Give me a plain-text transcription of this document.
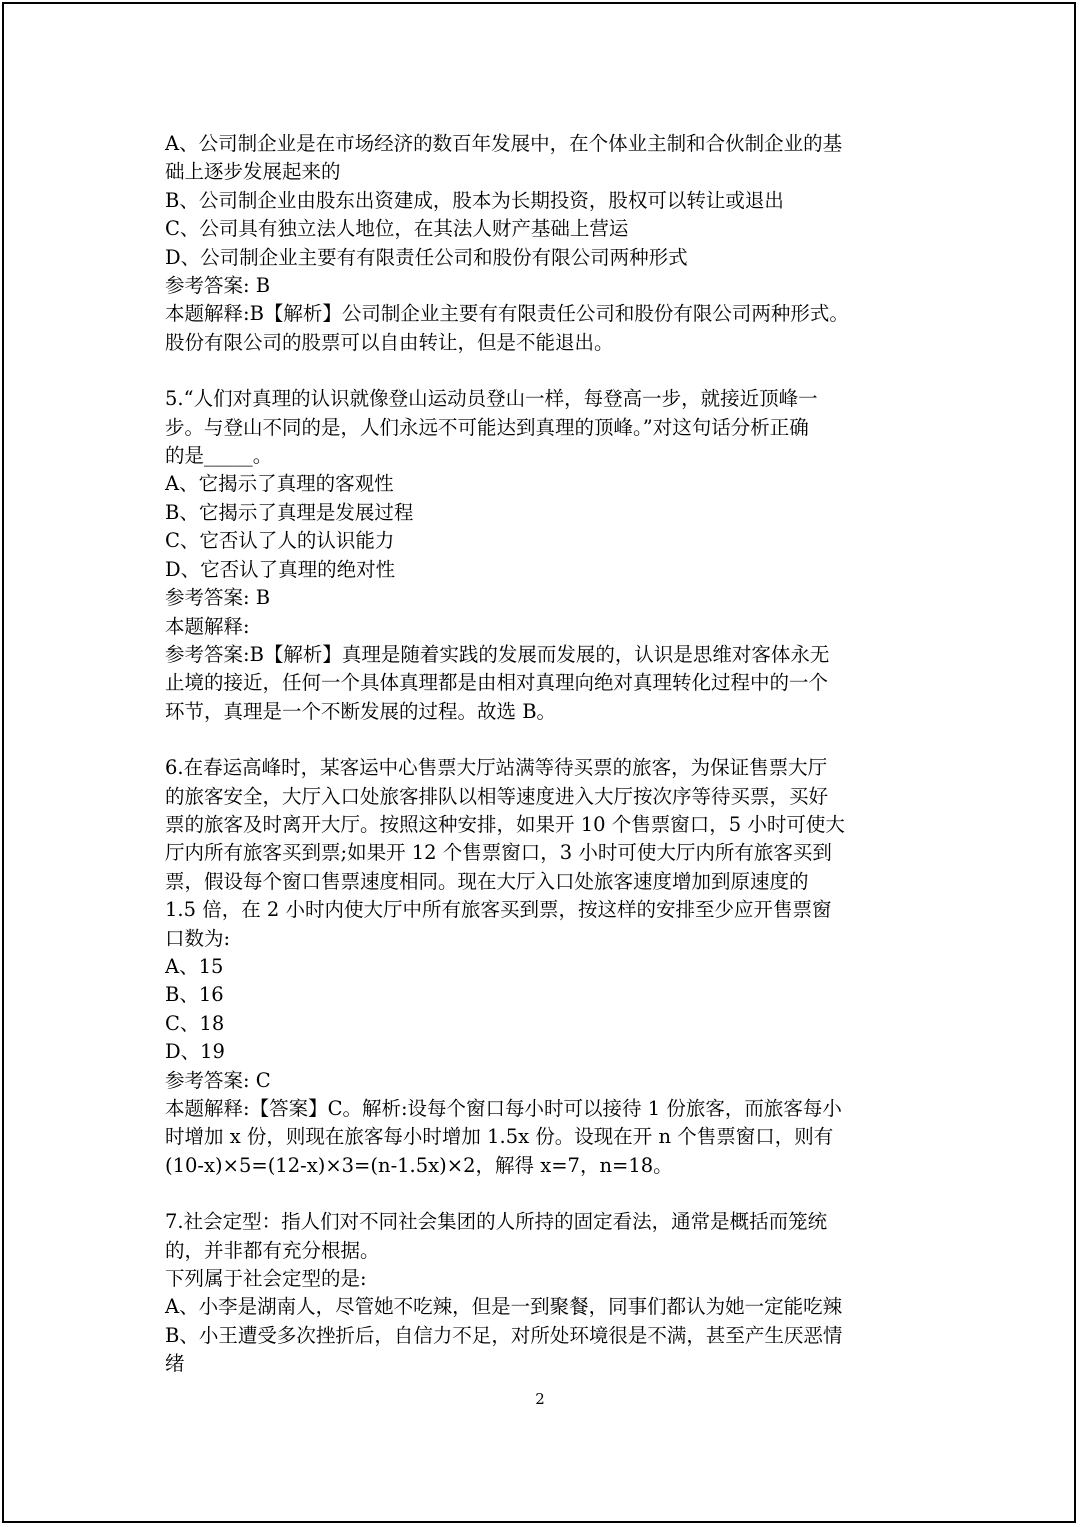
A、公司制企业是在市场经济的数百年发展中，在个体业主制和合伙制企业的基
础上逐步发展起来的
B、公司制企业由股东出资建成，股本为长期投资，股权可以转让或退出
C、公司具有独立法人地位，在其法人财产基础上营运
D、公司制企业主要有有限责任公司和股份有限公司两种形式
参考答案: B
本题解释:B【解析】公司制企业主要有有限责任公司和股份有限公司两种形式。
股份有限公司的股票可以自由转让，但是不能退出。
5.“人们对真理的认识就像登山运动员登山一样，每登高一步，就接近顶峰一
步。与登山不同的是，人们永远不可能达到真理的顶峰。”对这句话分析正确
的是_____。
A、它揭示了真理的客观性
B、它揭示了真理是发展过程
C、它否认了人的认识能力
D、它否认了真理的绝对性
参考答案: B
本题解释:
参考答案:B【解析】真理是随着实践的发展而发展的，认识是思维对客体永无
止境的接近，任何一个具体真理都是由相对真理向绝对真理转化过程中的一个
环节，真理是一个不断发展的过程。故选 B。
6.在春运高峰时，某客运中心售票大厅站满等待买票的旅客，为保证售票大厅
的旅客安全，大厅入口处旅客排队以相等速度进入大厅按次序等待买票，买好
票的旅客及时离开大厅。按照这种安排，如果开 10 个售票窗口，5 小时可使大
厅内所有旅客买到票;如果开 12 个售票窗口，3 小时可使大厅内所有旅客买到
票，假设每个窗口售票速度相同。现在大厅入口处旅客速度增加到原速度的
1.5 倍，在 2 小时内使大厅中所有旅客买到票，按这样的安排至少应开售票窗
口数为:
A、15
B、16
C、18
D、19
参考答案: C
本题解释:【答案】C。解析:设每个窗口每小时可以接待 1 份旅客，而旅客每小
时增加 x 份，则现在旅客每小时增加 1.5x 份。设现在开 n 个售票窗口，则有
(10-x)×5=(12-x)×3=(n-1.5x)×2，解得 x=7，n=18。
7.社会定型：指人们对不同社会集团的人所持的固定看法，通常是概括而笼统
的，并非都有充分根据。
下列属于社会定型的是:
A、小李是湖南人，尽管她不吃辣，但是一到聚餐，同事们都认为她一定能吃辣
B、小王遭受多次挫折后，自信力不足，对所处环境很是不满，甚至产生厌恶情
绪
2
